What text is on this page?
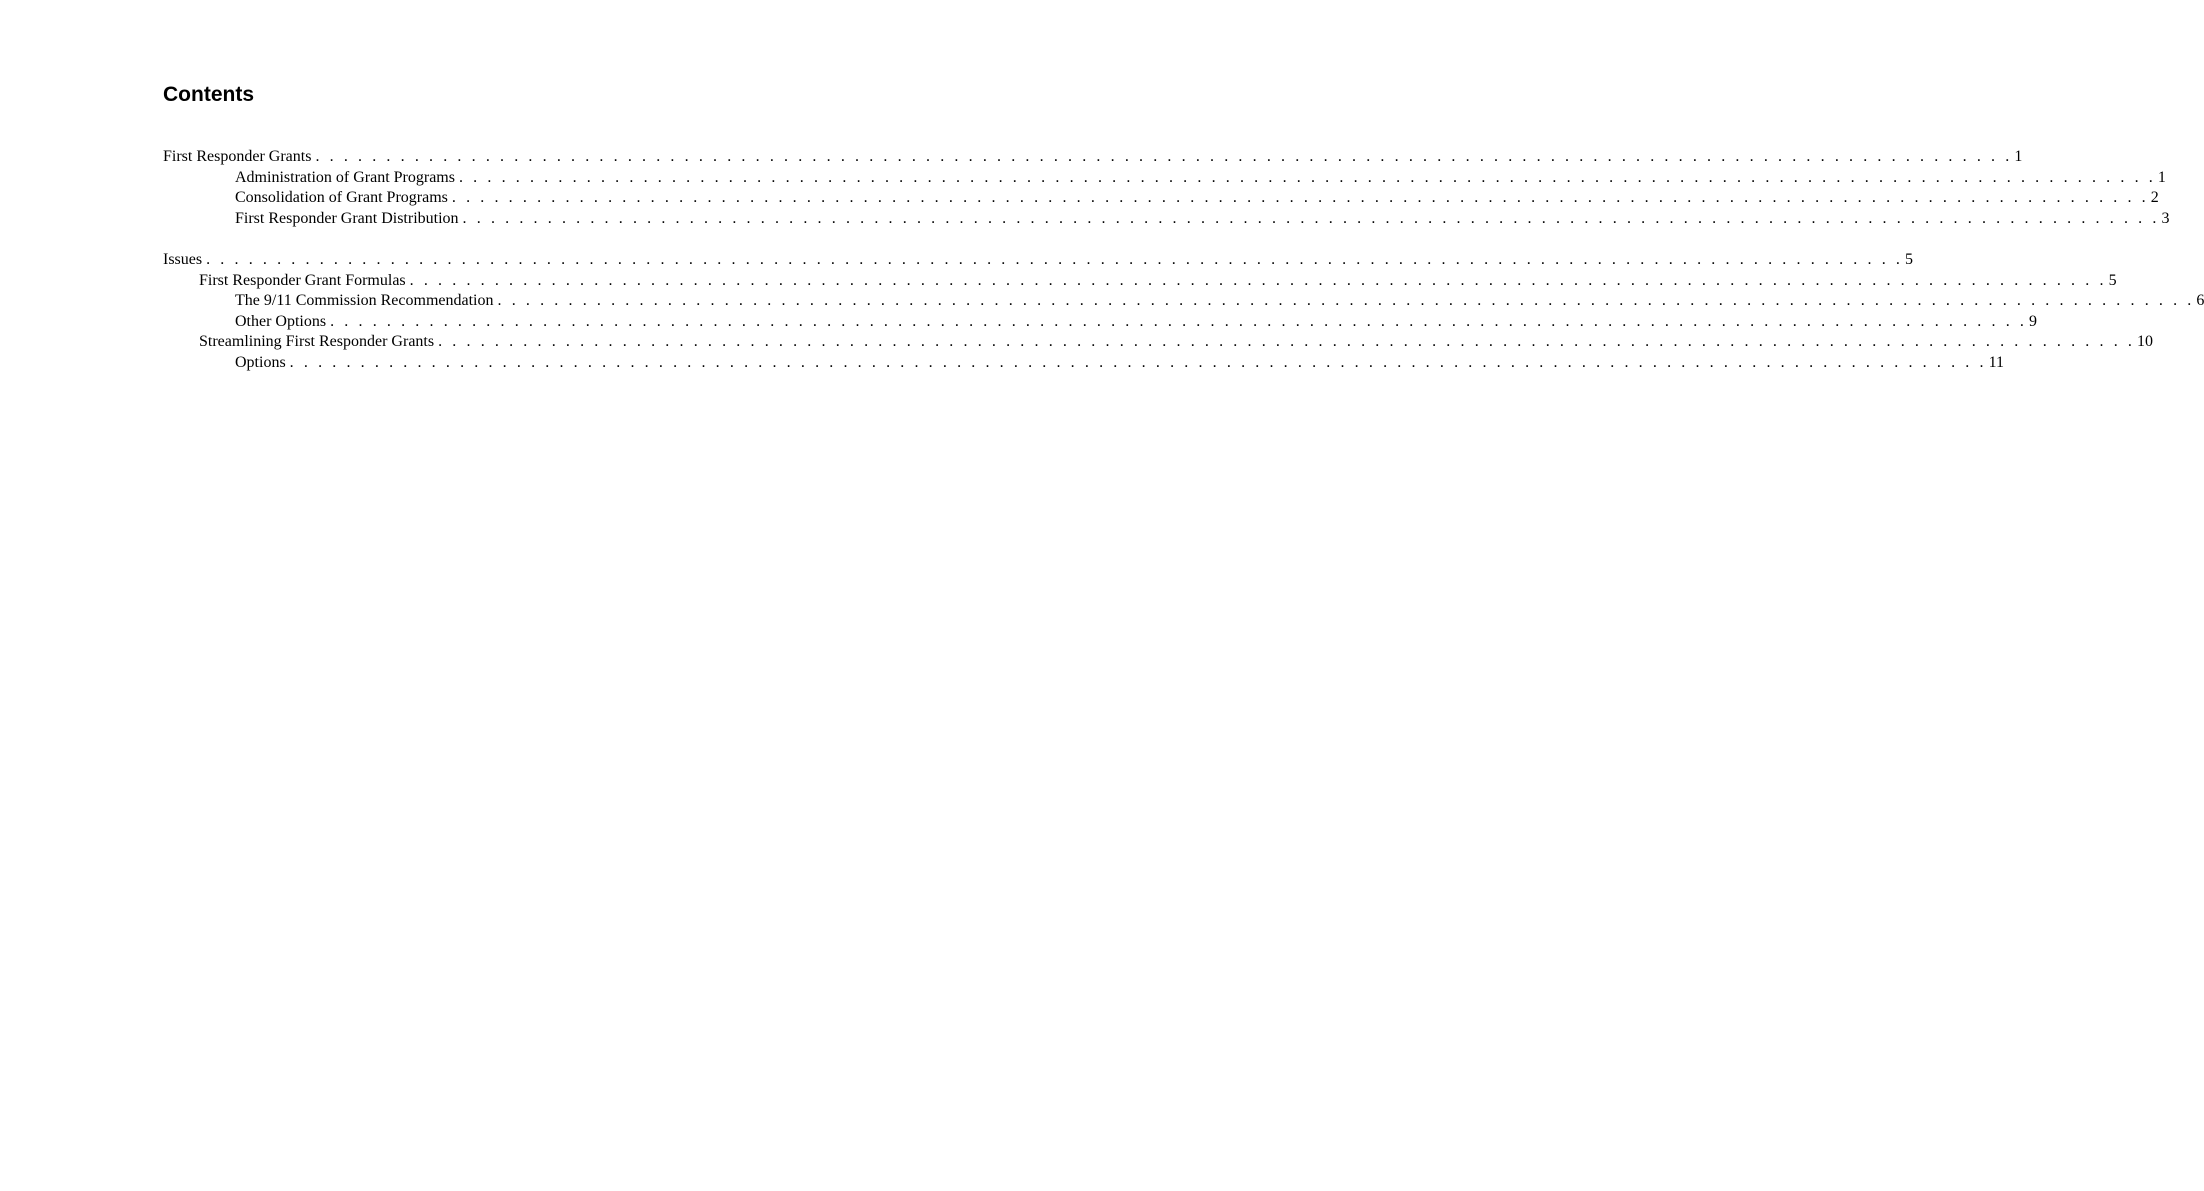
Contents
First Responder Grants . . . . . . . . . . . . . . . . . . . . . . . . . . . . . . . . . . . . . . . . . . . . . . . . . . . . . . . . . . . . . . . . . . . . . . . . . . . . . . . . . . . . . . . . . . . . . . . . . . . . . . . . . . . . . . . . . . . . . . . . 1
Administration of Grant Programs . . . . . . . . . . . . . . . . . . . . . . . . . . . . . . . . . . . . . . . . . . . . . . . . . . . . . . . . . . . . . . . . . . . . . . . . . . . . . . . . . . . . . . . . . . . . . . . . . . . . . . . . . . . . . . . . . . . . . . . . 1
Consolidation of Grant Programs . . . . . . . . . . . . . . . . . . . . . . . . . . . . . . . . . . . . . . . . . . . . . . . . . . . . . . . . . . . . . . . . . . . . . . . . . . . . . . . . . . . . . . . . . . . . . . . . . . . . . . . . . . . . . . . . . . . . . . . . 2
First Responder Grant Distribution . . . . . . . . . . . . . . . . . . . . . . . . . . . . . . . . . . . . . . . . . . . . . . . . . . . . . . . . . . . . . . . . . . . . . . . . . . . . . . . . . . . . . . . . . . . . . . . . . . . . . . . . . . . . . . . . . . . . . . . . 3
Issues . . . . . . . . . . . . . . . . . . . . . . . . . . . . . . . . . . . . . . . . . . . . . . . . . . . . . . . . . . . . . . . . . . . . . . . . . . . . . . . . . . . . . . . . . . . . . . . . . . . . . . . . . . . . . . . . . . . . . . . . 5
First Responder Grant Formulas . . . . . . . . . . . . . . . . . . . . . . . . . . . . . . . . . . . . . . . . . . . . . . . . . . . . . . . . . . . . . . . . . . . . . . . . . . . . . . . . . . . . . . . . . . . . . . . . . . . . . . . . . . . . . . . . . . . . . . . . 5
The 9/11 Commission Recommendation . . . . . . . . . . . . . . . . . . . . . . . . . . . . . . . . . . . . . . . . . . . . . . . . . . . . . . . . . . . . . . . . . . . . . . . . . . . . . . . . . . . . . . . . . . . . . . . . . . . . . . . . . . . . . . . . . . . . . . . . 6
Other Options . . . . . . . . . . . . . . . . . . . . . . . . . . . . . . . . . . . . . . . . . . . . . . . . . . . . . . . . . . . . . . . . . . . . . . . . . . . . . . . . . . . . . . . . . . . . . . . . . . . . . . . . . . . . . . . . . . . . . . . . 9
Streamlining First Responder Grants . . . . . . . . . . . . . . . . . . . . . . . . . . . . . . . . . . . . . . . . . . . . . . . . . . . . . . . . . . . . . . . . . . . . . . . . . . . . . . . . . . . . . . . . . . . . . . . . . . . . . . . . . . . . . . . . . . . . . . . . 10
Options . . . . . . . . . . . . . . . . . . . . . . . . . . . . . . . . . . . . . . . . . . . . . . . . . . . . . . . . . . . . . . . . . . . . . . . . . . . . . . . . . . . . . . . . . . . . . . . . . . . . . . . . . . . . . . . . . . . . . . . . 11
